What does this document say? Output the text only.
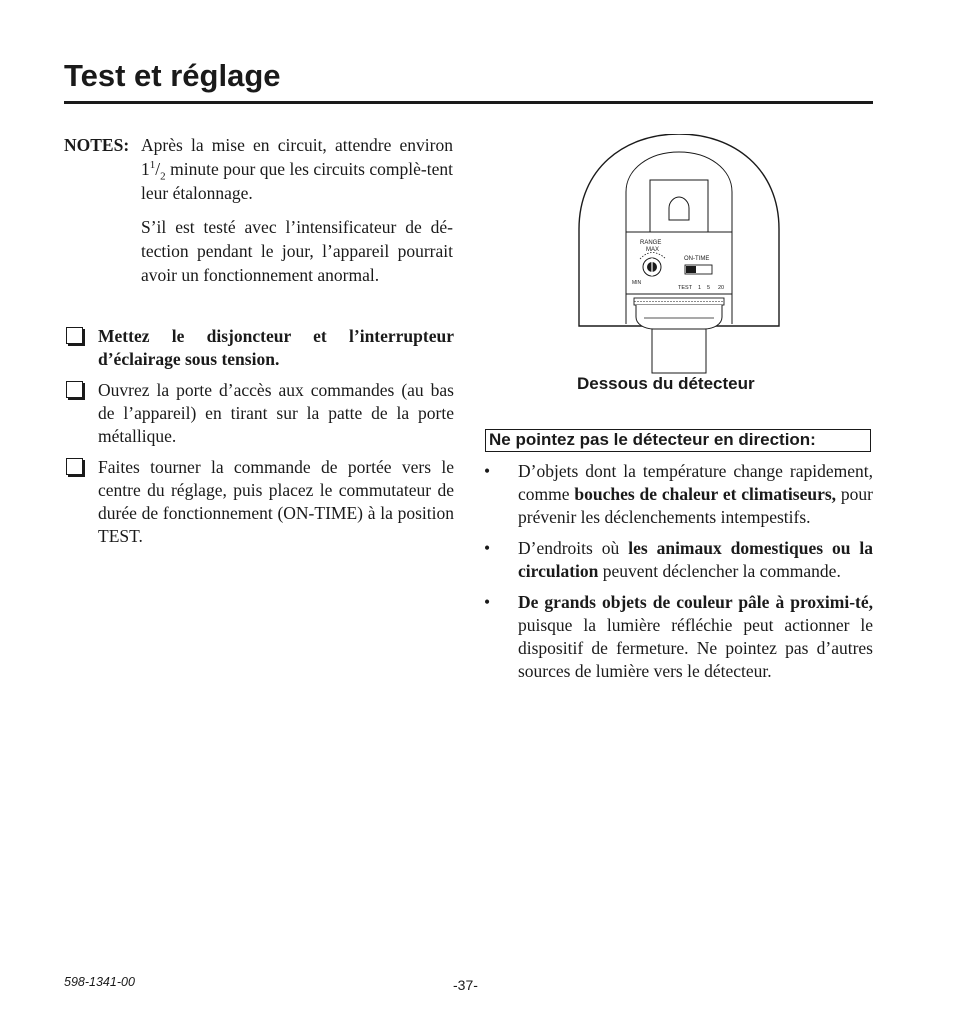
Test et réglage
NOTES: Après la mise en circuit, attendre environ $1^1/_2$ minute pour que les circuits complè-tent leur étalonnage.

S’il est testé avec l’intensificateur de dé-tection pendant le jour, l’appareil pourrait avoir un fonctionnement anormal.

Mettez le disjoncteur et l’interrupteur d’éclairage sous tension.
Ouvrez la porte d’accès aux commandes (au bas de l’appareil) en tirant sur la patte de la porte métallique.
Faites tourner la commande de portée vers le centre du réglage, puis placez le commutateur de durée de fonctionnement (ON-TIME) à la position TEST.
RANGE
MAX
MIN
ON-TIME
TEST 1 5 20
Dessous du détecteur
Ne pointez pas le détecteur en direction:
• D’objets dont la température change rapidement, comme bouches de chaleur et climatiseurs, pour prévenir les déclenchements intempestifs.
• D’endroits où les animaux domestiques ou la circulation peuvent déclencher la commande.
• De grands objets de couleur pâle à proximi-té, puisque la lumière réfléchie peut actionner le dispositif de fermeture. Ne pointez pas d’autres sources de lumière vers le détecteur.
598-1341-00	-37-
